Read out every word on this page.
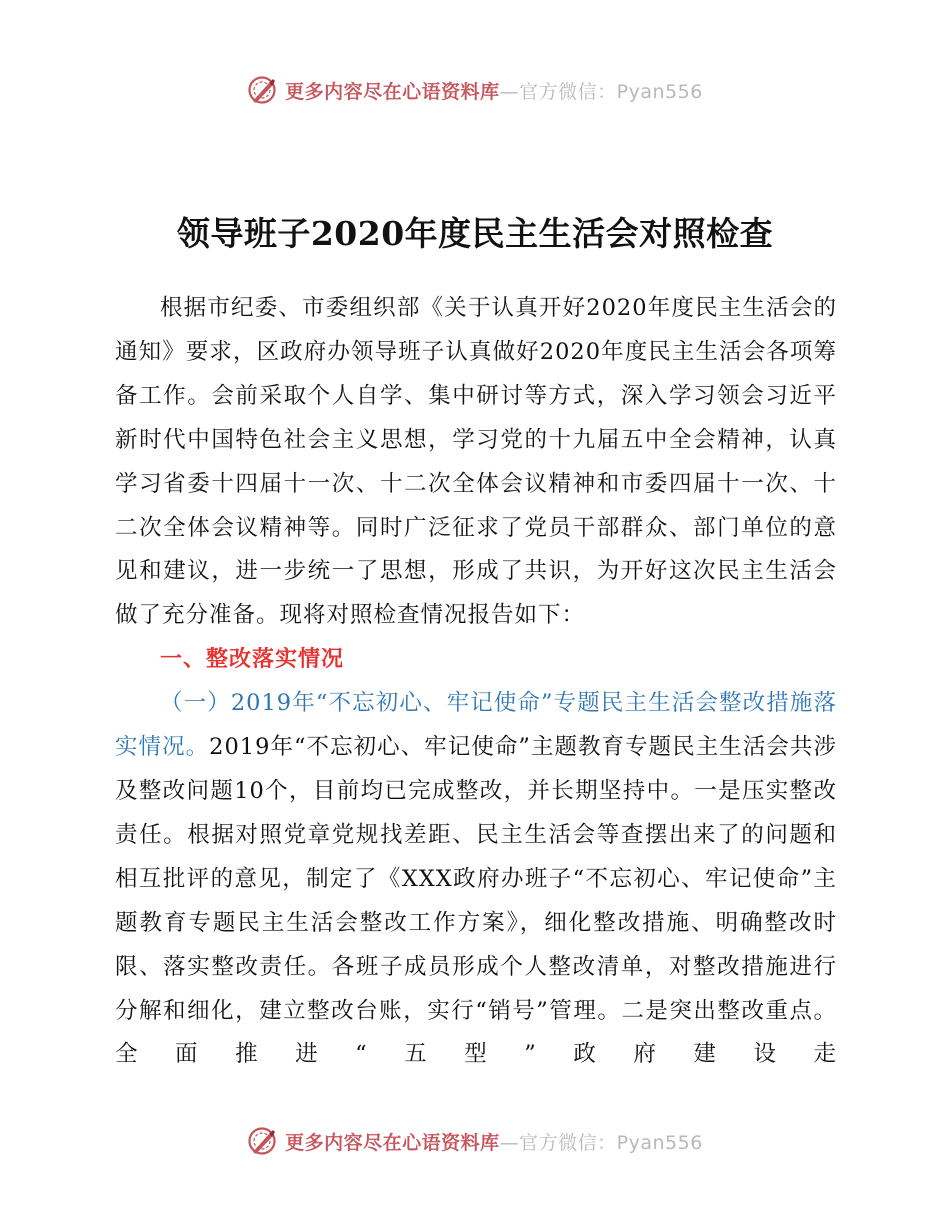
更多内容尽在心语资料库—官方微信：Pyan556
领导班子2020年度民主生活会对照检查

根据市纪委、市委组织部《关于认真开好2020年度民主生活会的通知》要求，区政府办领导班子认真做好2020年度民主生活会各项筹备工作。会前采取个人自学、集中研讨等方式，深入学习领会习近平新时代中国特色社会主义思想，学习党的十九届五中全会精神，认真学习省委十四届十一次、十二次全体会议精神和市委四届十一次、十二次全体会议精神等。同时广泛征求了党员干部群众、部门单位的意见和建议，进一步统一了思想，形成了共识，为开好这次民主生活会做了充分准备。现将对照检查情况报告如下：

一、整改落实情况

（一）2019年“不忘初心、牢记使命”专题民主生活会整改措施落实情况。2019年“不忘初心、牢记使命”主题教育专题民主生活会共涉及整改问题10个，目前均已完成整改，并长期坚持中。一是压实整改责任。根据对照党章党规找差距、民主生活会等查摆出来了的问题和相互批评的意见，制定了《XXX政府办班子“不忘初心、牢记使命”主题教育专题民主生活会整改工作方案》，细化整改措施、明确整改时限、落实整改责任。各班子成员形成个人整改清单，对整改措施进行分解和细化，建立整改台账，实行“销号”管理。二是突出整改重点。全面推进“五型”政府建设走

更多内容尽在心语资料库—官方微信：Pyan556
